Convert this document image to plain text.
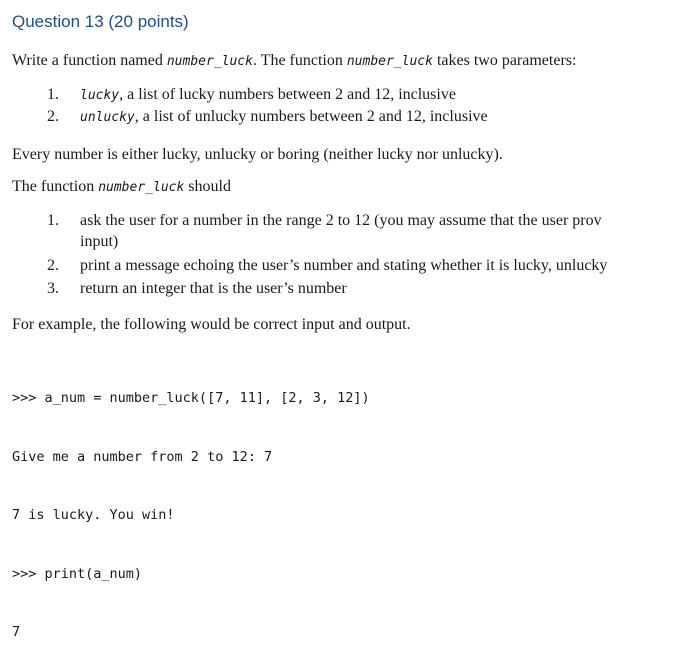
Question 13 (20 points)
Write a function named number_luck. The function number_luck takes two parameters:
1. lucky, a list of lucky numbers between 2 and 12, inclusive
2. unlucky, a list of unlucky numbers between 2 and 12, inclusive
Every number is either lucky, unlucky or boring (neither lucky nor unlucky).
The function number_luck should
1. ask the user for a number in the range 2 to 12 (you may assume that the user prov
input)
2. print a message echoing the user’s number and stating whether it is lucky, unlucky
3. return an integer that is the user’s number
For example, the following would be correct input and output.

>>> a_num = number_luck([7, 11], [2, 3, 12])

Give me a number from 2 to 12: 7

7 is lucky. You win!

>>> print(a_num)

7
